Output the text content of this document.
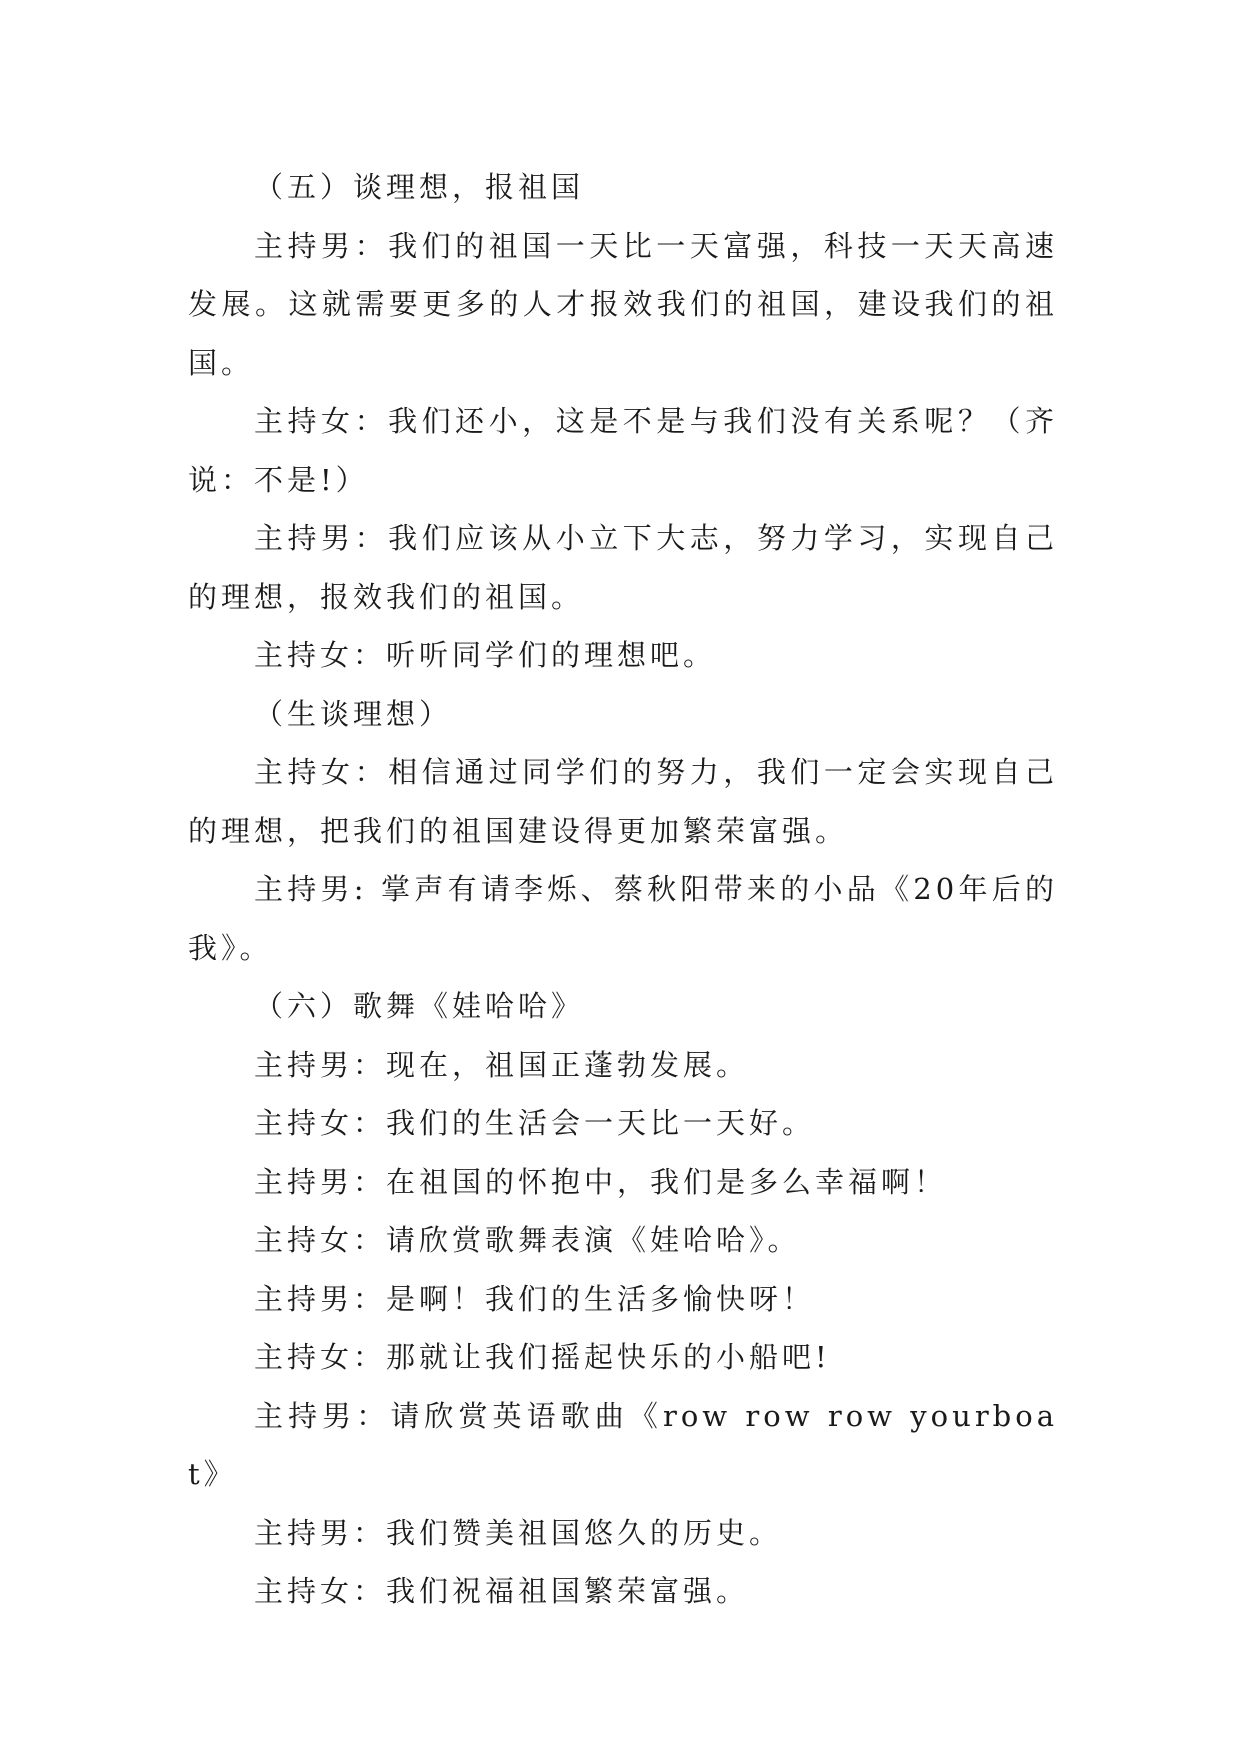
（五）谈理想，报祖国

主持男：我们的祖国一天比一天富强，科技一天天高速发展。这就需要更多的人才报效我们的祖国，建设我们的祖国。

主持女：我们还小，这是不是与我们没有关系呢？（齐说：不是!）

主持男：我们应该从小立下大志，努力学习，实现自己的理想，报效我们的祖国。

主持女：听听同学们的理想吧。

（生谈理想）

主持女：相信通过同学们的努力，我们一定会实现自己的理想，把我们的祖国建设得更加繁荣富强。

主持男: 掌声有请李烁、蔡秋阳带来的小品《20年后的我》。

（六）歌舞《娃哈哈》

主持男：现在，祖国正蓬勃发展。

主持女：我们的生活会一天比一天好。

主持男：在祖国的怀抱中，我们是多么幸福啊！

主持女：请欣赏歌舞表演《娃哈哈》。

主持男：是啊！我们的生活多愉快呀！

主持女：那就让我们摇起快乐的小船吧!

主持男：请欣赏英语歌曲《row row row yourboat》

主持男：我们赞美祖国悠久的历史。

主持女：我们祝福祖国繁荣富强。
